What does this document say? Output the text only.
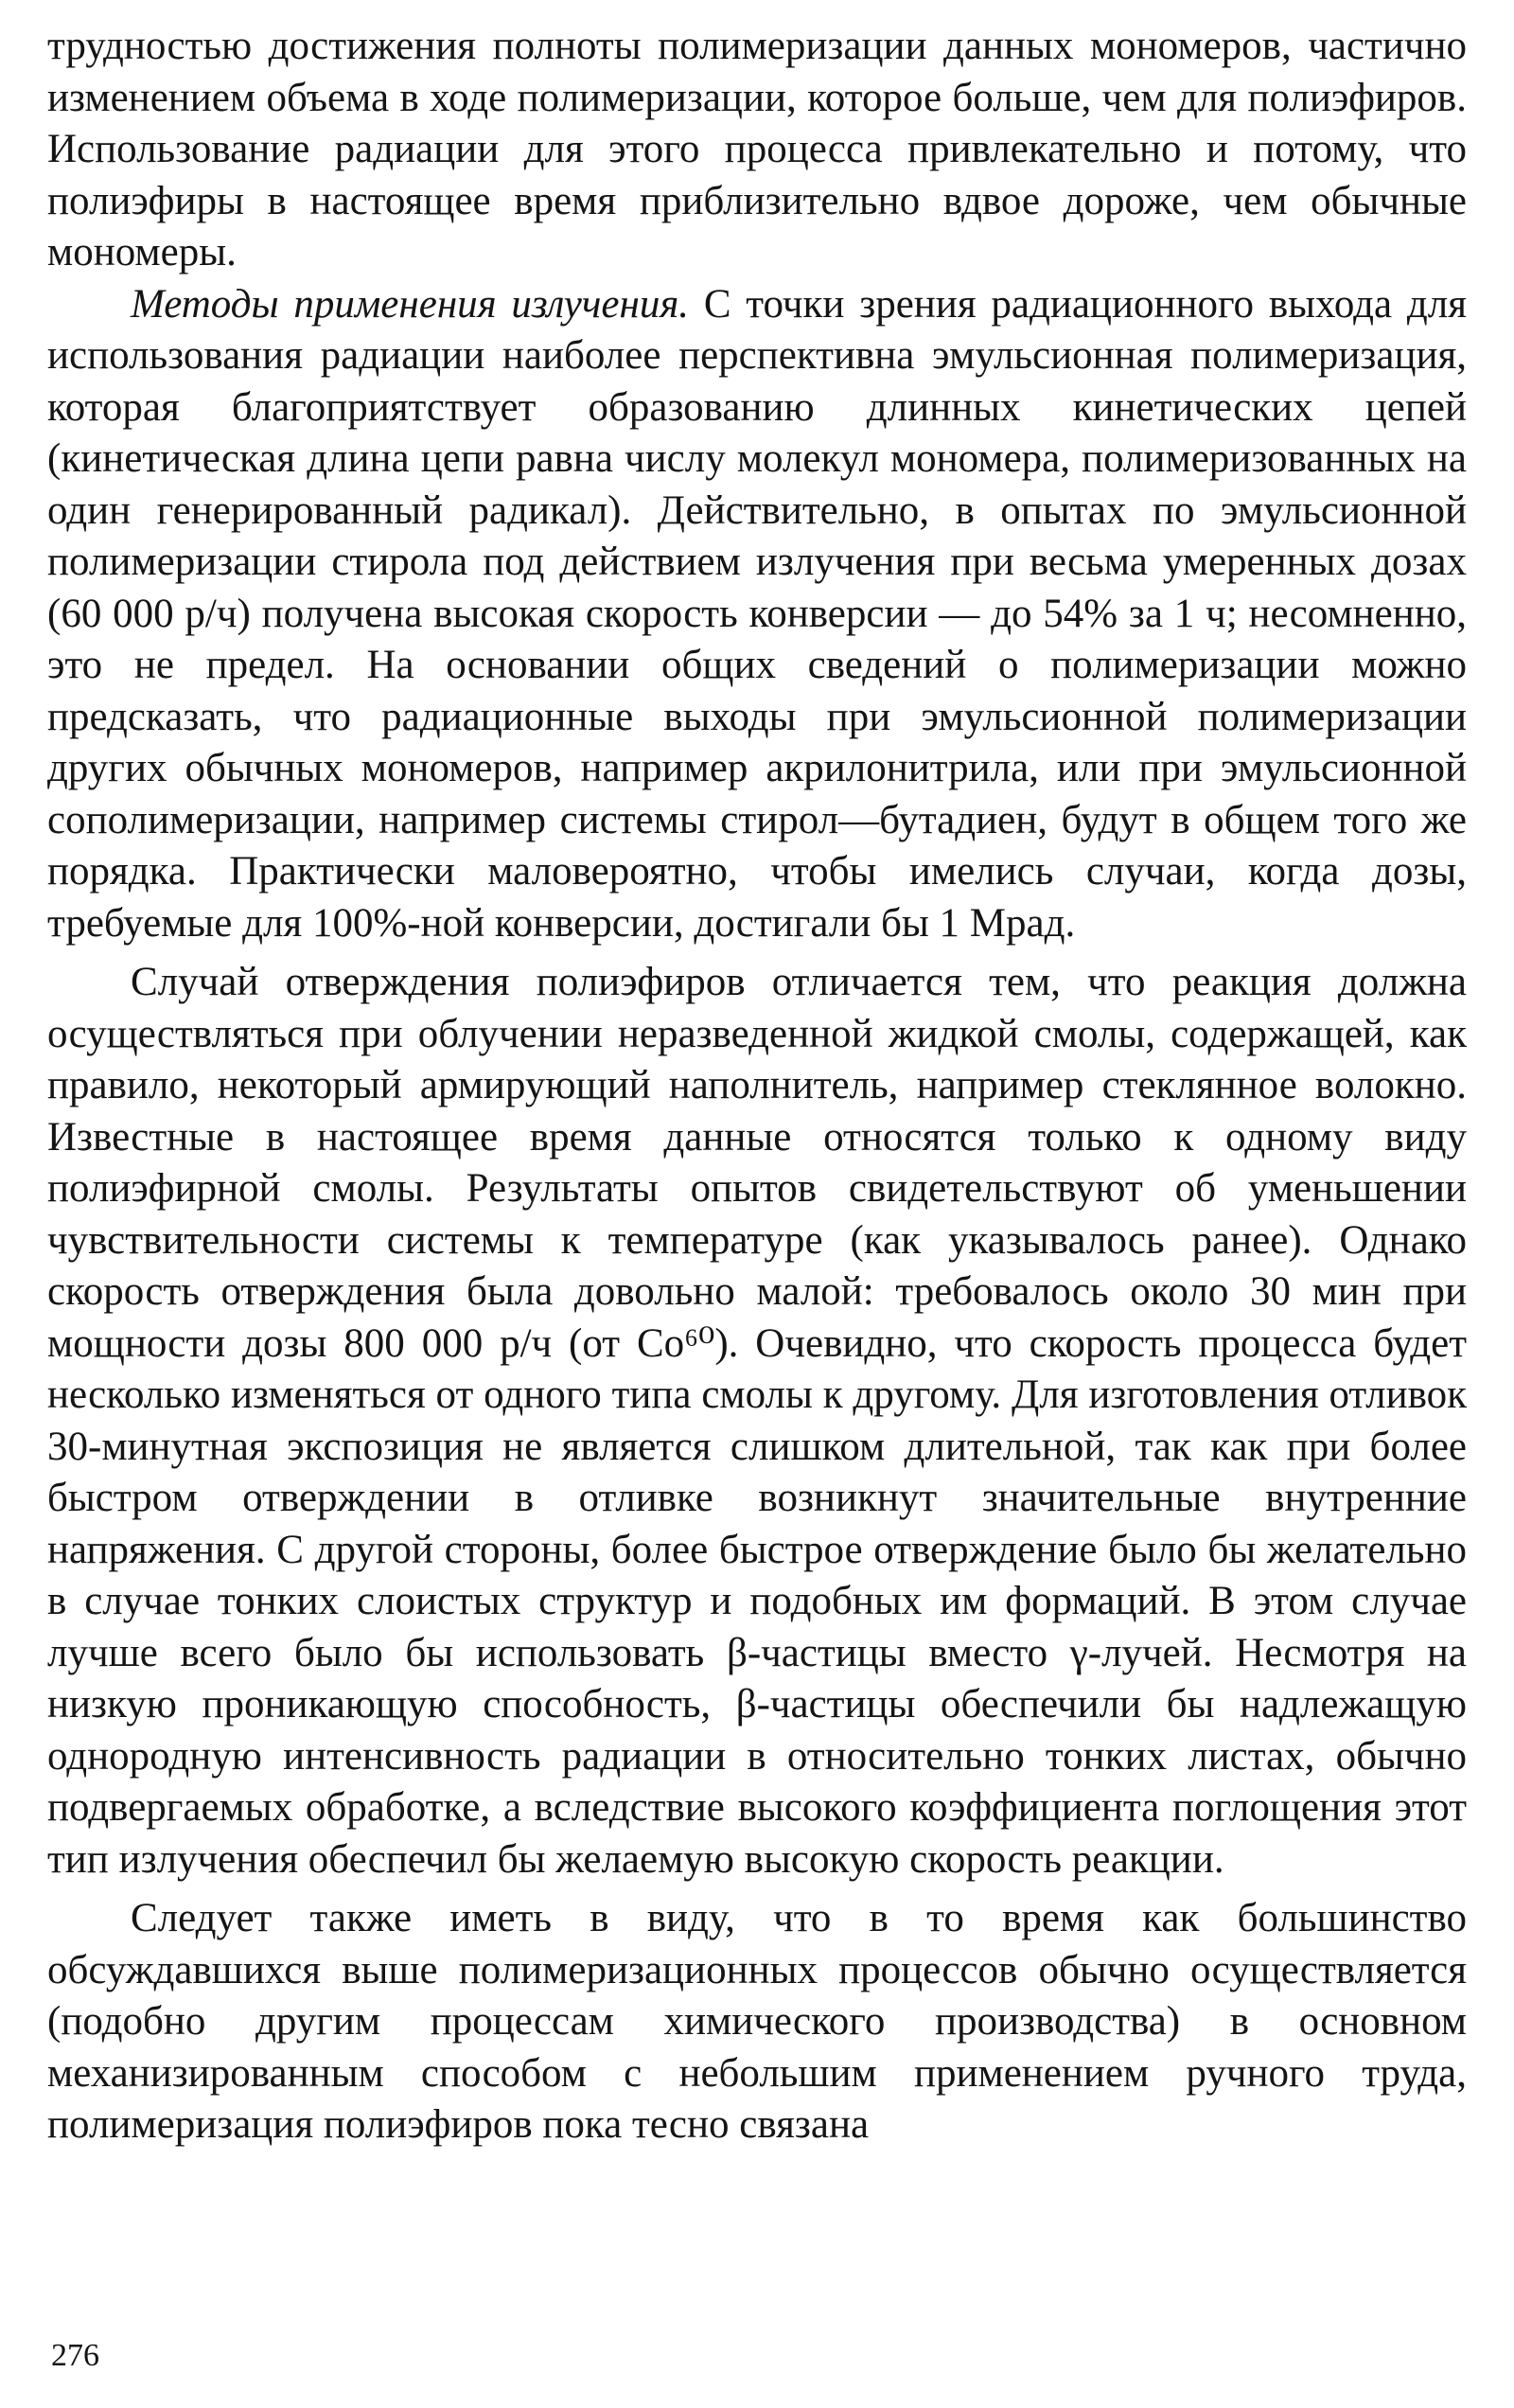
трудностью достижения полноты полимеризации данных мономеров, частично изменением объема в ходе полимеризации, которое больше, чем для полиэфиров. Использование радиации для этого процесса привлекательно и потому, что полиэфиры в настоящее время приблизительно вдвое дороже, чем обычные мономеры.

Методы применения излучения. С точки зрения радиационного выхода для использования радиации наиболее перспективна эмульсионная полимеризация, которая благоприятствует образованию длинных кинетических цепей (кинетическая длина цепи равна числу молекул мономера, полимеризованных на один генерированный радикал). Действительно, в опытах по эмульсионной полимеризации стирола под действием излучения при весьма умеренных дозах (60 000 р/ч) получена высокая скорость конверсии — до 54% за 1 ч; несомненно, это не предел. На основании общих сведений о полимеризации можно предсказать, что радиационные выходы при эмульсионной полимеризации других обычных мономеров, например акрилонитрила, или при эмульсионной сополимеризации, например системы стирол—бутадиен, будут в общем того же порядка. Практически маловероятно, чтобы имелись случаи, когда дозы, требуемые для 100%-ной конверсии, достигали бы 1 Мрад.

Случай отверждения полиэфиров отличается тем, что реакция должна осуществляться при облучении неразведенной жидкой смолы, содержащей, как правило, некоторый армирующий наполнитель, например стеклянное волокно. Известные в настоящее время данные относятся только к одному виду полиэфирной смолы. Результаты опытов свидетельствуют об уменьшении чувствительности системы к температуре (как указывалось ранее). Однако скорость отверждения была довольно малой: требовалось около 30 мин при мощности дозы 800 000 р/ч (от Co⁶⁰). Очевидно, что скорость процесса будет несколько изменяться от одного типа смолы к другому. Для изготовления отливок 30-минутная экспозиция не является слишком длительной, так как при более быстром отверждении в отливке возникнут значительные внутренние напряжения. С другой стороны, более быстрое отверждение было бы желательно в случае тонких слоистых структур и подобных им формаций. В этом случае лучше всего было бы использовать β-частицы вместо γ-лучей. Несмотря на низкую проникающую способность, β-частицы обеспечили бы надлежащую однородную интенсивность радиации в относительно тонких листах, обычно подвергаемых обработке, а вследствие высокого коэффициента поглощения этот тип излучения обеспечил бы желаемую высокую скорость реакции.

Следует также иметь в виду, что в то время как большинство обсуждавшихся выше полимеризационных процессов обычно осуществляется (подобно другим процессам химического производства) в основном механизированным способом с небольшим применением ручного труда, полимеризация полиэфиров пока тесно связана

276
